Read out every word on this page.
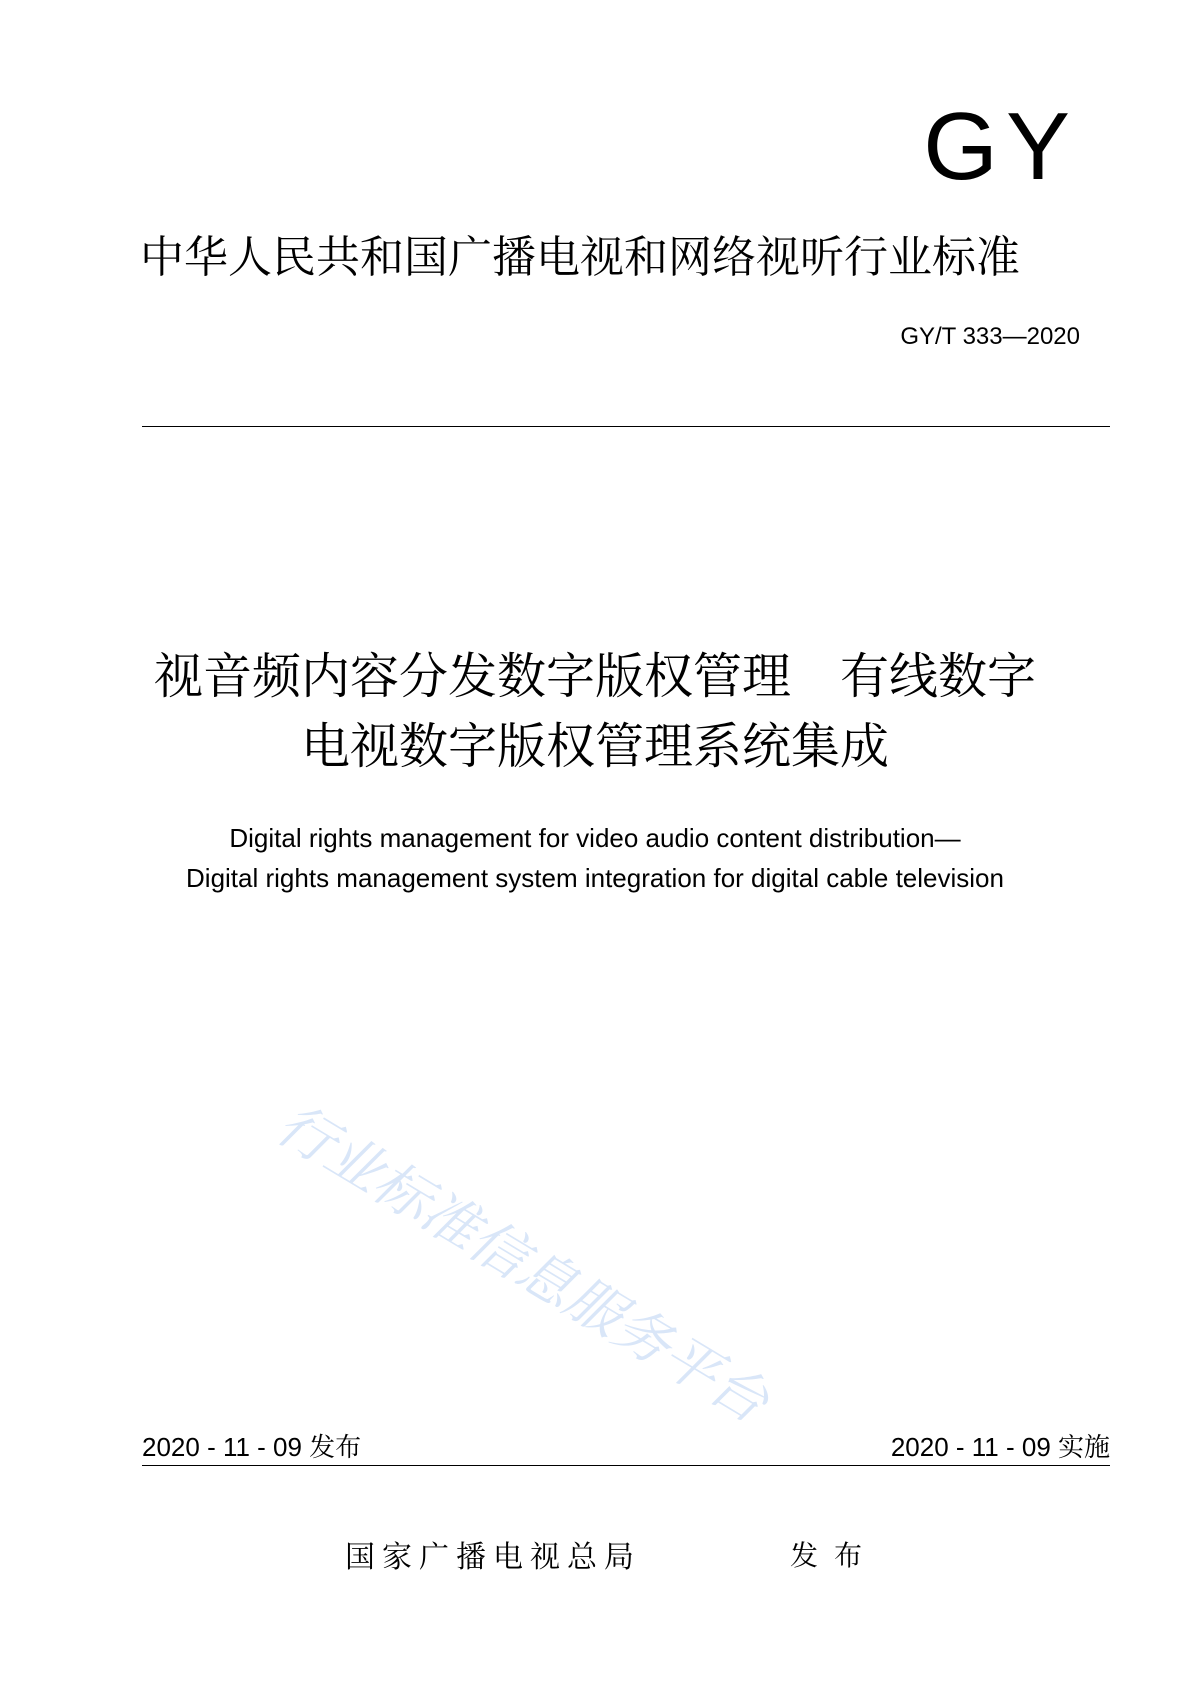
GY
中华人民共和国广播电视和网络视听行业标准
GY/T 333—2020
视音频内容分发数字版权管理　有线数字
电视数字版权管理系统集成
Digital rights management for video audio content distribution—
Digital rights management system integration for digital cable television
行业标准信息服务平台
2020 - 11 - 09 发布	2020 - 11 - 09 实施
国家广播电视总局	发布
